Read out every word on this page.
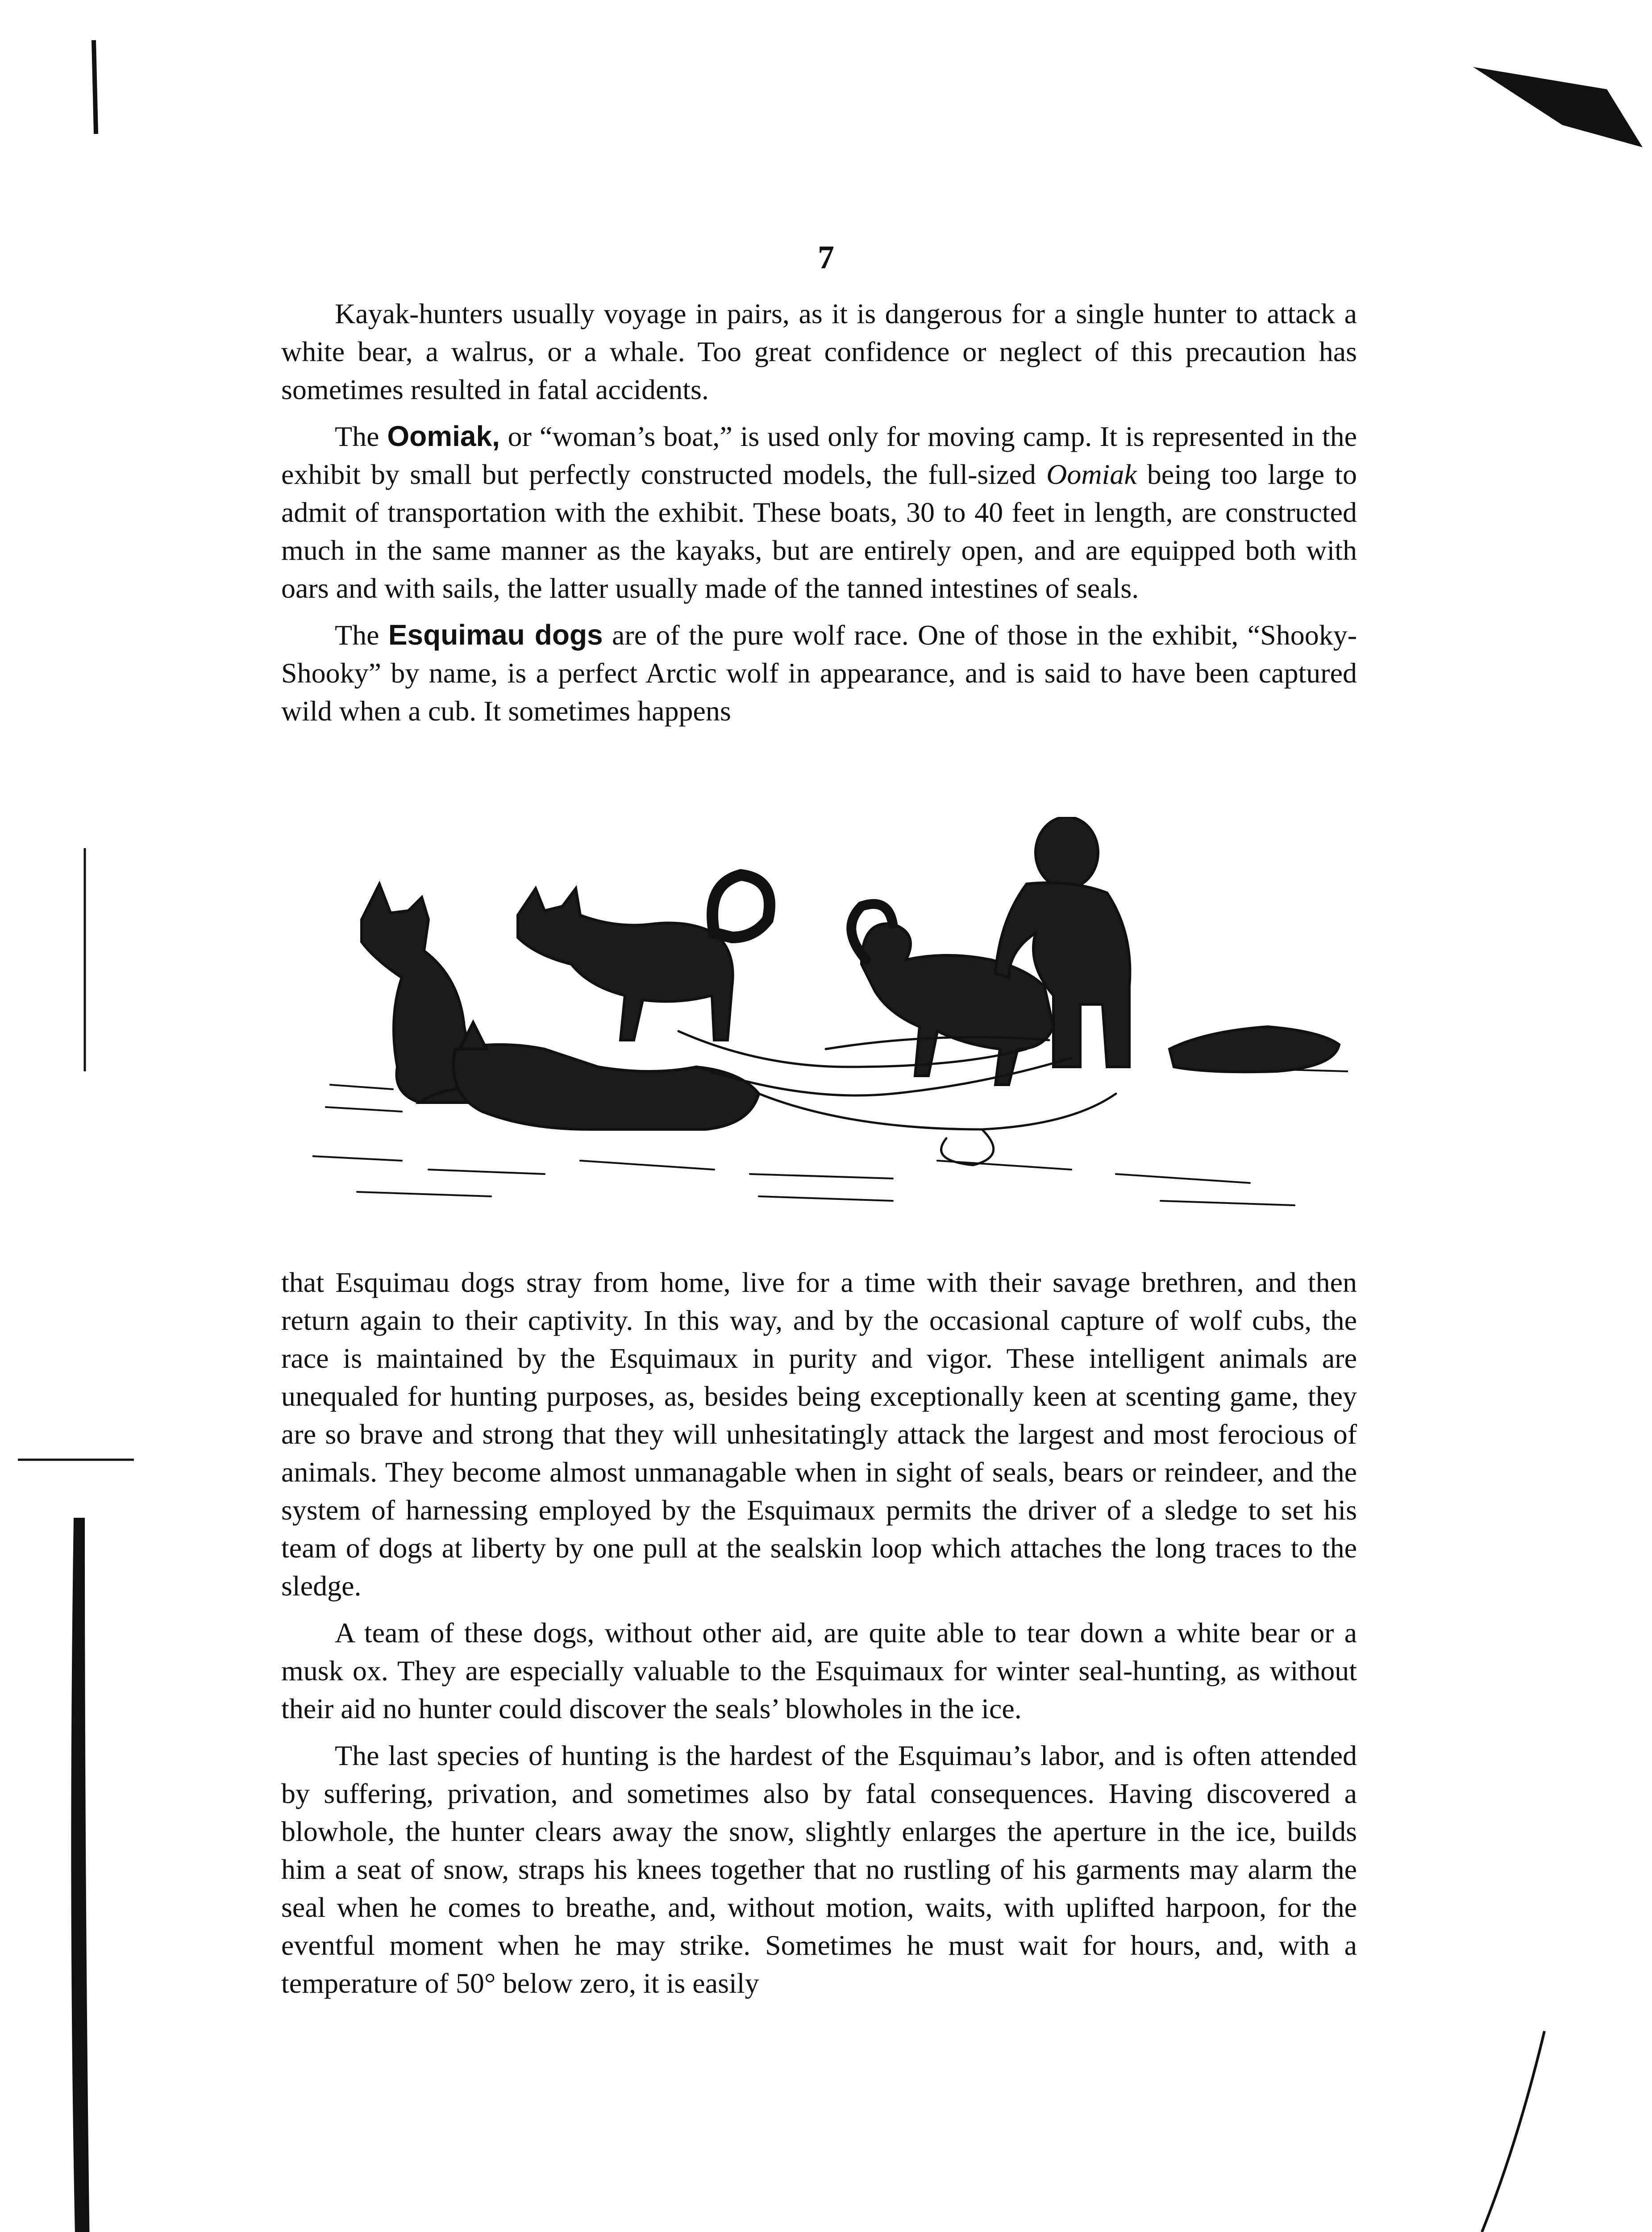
7

Kayak-hunters usually voyage in pairs, as it is dangerous for a single hunter to attack a white bear, a walrus, or a whale. Too great confidence or neglect of this precaution has sometimes resulted in fatal accidents.

The Oomiak, or “woman’s boat,” is used only for moving camp. It is represented in the exhibit by small but perfectly constructed models, the full-sized Oomiak being too large to admit of transportation with the exhibit. These boats, 30 to 40 feet in length, are constructed much in the same manner as the kayaks, but are entirely open, and are equipped both with oars and with sails, the latter usually made of the tanned intestines of seals.

The Esquimau dogs are of the pure wolf race. One of those in the exhibit, “Shooky-Shooky” by name, is a perfect Arctic wolf in appearance, and is said to have been captured wild when a cub. It sometimes happens

that Esquimau dogs stray from home, live for a time with their savage brethren, and then return again to their captivity. In this way, and by the occasional capture of wolf cubs, the race is maintained by the Esquimaux in purity and vigor. These intelligent animals are unequaled for hunting purposes, as, besides being exceptionally keen at scenting game, they are so brave and strong that they will unhesitatingly attack the largest and most ferocious of animals. They become almost unmanagable when in sight of seals, bears or reindeer, and the system of harnessing employed by the Esquimaux permits the driver of a sledge to set his team of dogs at liberty by one pull at the sealskin loop which attaches the long traces to the sledge.

A team of these dogs, without other aid, are quite able to tear down a white bear or a musk ox. They are especially valuable to the Esquimaux for winter seal-hunting, as without their aid no hunter could discover the seals’ blowholes in the ice.

The last species of hunting is the hardest of the Esquimau’s labor, and is often attended by suffering, privation, and sometimes also by fatal consequences. Having discovered a blowhole, the hunter clears away the snow, slightly enlarges the aperture in the ice, builds him a seat of snow, straps his knees together that no rustling of his garments may alarm the seal when he comes to breathe, and, without motion, waits, with uplifted harpoon, for the eventful moment when he may strike. Sometimes he must wait for hours, and, with a temperature of 50° below zero, it is easily
